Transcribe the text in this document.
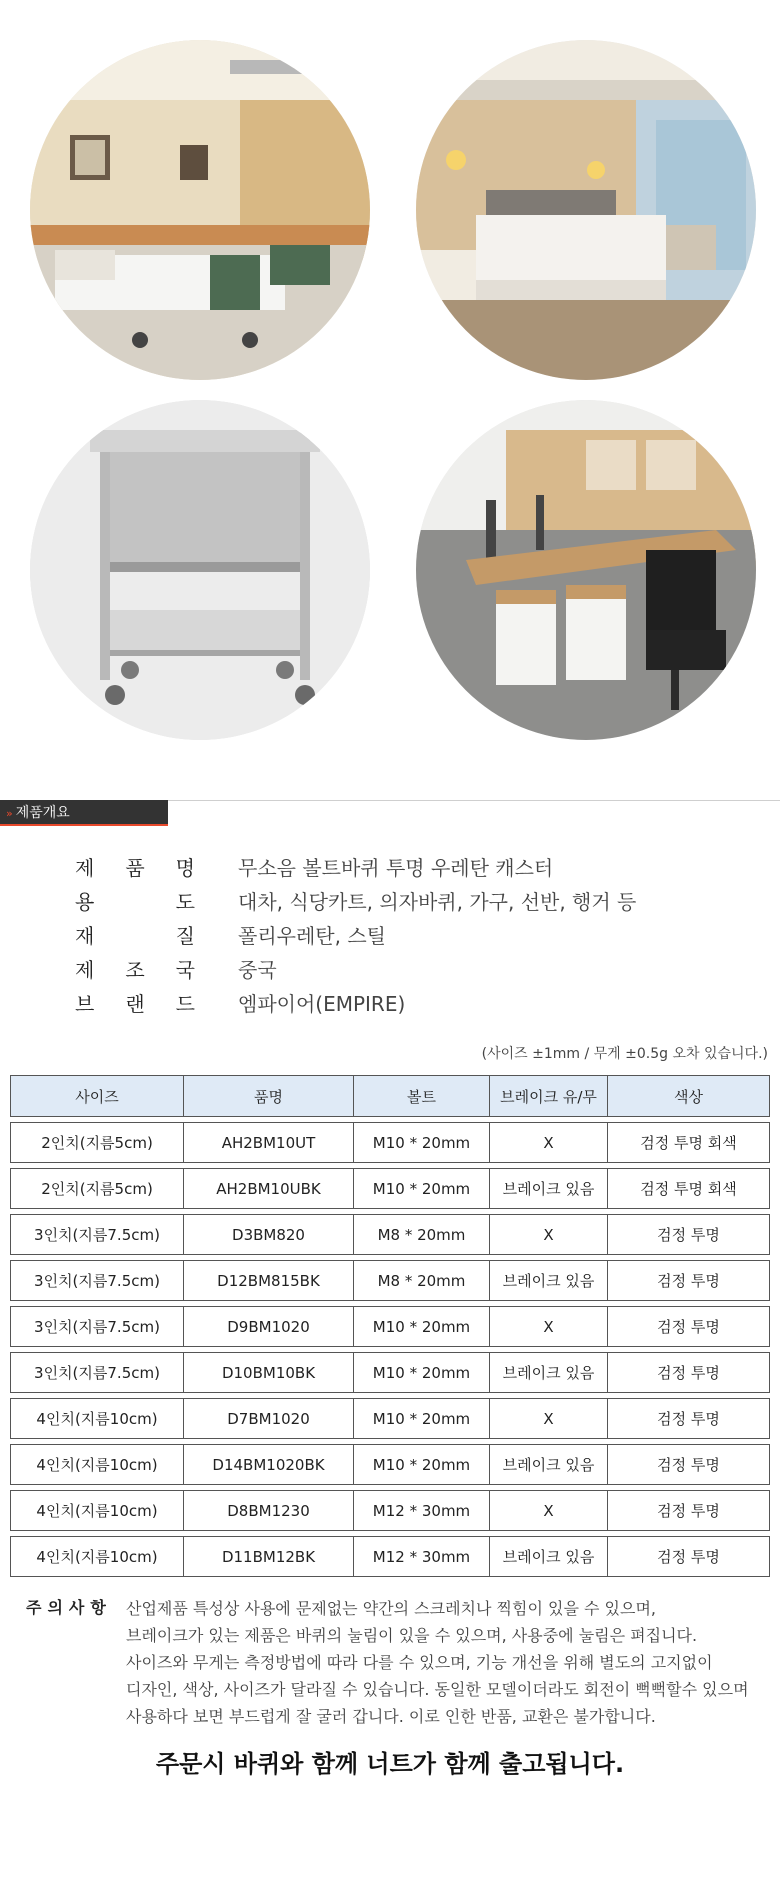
» 제품개요
제 품 명 무소음 볼트바퀴 투명 우레탄 캐스터
용	도 대차, 식당카트, 의자바퀴, 가구, 선반, 행거 등
재	질 폴리우레탄, 스틸
제 조 국 중국
브 랜 드 엠파이어(EMPIRE)
(사이즈 ±1mm / 무게 ±0.5g 오차 있습니다.)
사이즈	품명	볼트	브레이크 유/무	색상
2인치(지름5cm)	AH2BM10UT	M10 * 20mm	X	검정 투명 회색
2인치(지름5cm)	AH2BM10UBK	M10 * 20mm	브레이크 있음	검정 투명 회색
3인치(지름7.5cm)	D3BM820	M8 * 20mm	X	검정 투명
3인치(지름7.5cm)	D12BM815BK	M8 * 20mm	브레이크 있음	검정 투명
3인치(지름7.5cm)	D9BM1020	M10 * 20mm	X	검정 투명
3인치(지름7.5cm)	D10BM10BK	M10 * 20mm	브레이크 있음	검정 투명
4인치(지름10cm)	D7BM1020	M10 * 20mm	X	검정 투명
4인치(지름10cm)	D14BM1020BK	M10 * 20mm	브레이크 있음	검정 투명
4인치(지름10cm)	D8BM1230	M12 * 30mm	X	검정 투명
4인치(지름10cm)	D11BM12BK	M12 * 30mm	브레이크 있음	검정 투명
주의사항 산업제품 특성상 사용에 문제없는 약간의 스크레치나 찍힘이 있을 수 있으며,
브레이크가 있는 제품은 바퀴의 눌림이 있을 수 있으며, 사용중에 눌림은 펴집니다.
사이즈와 무게는 측정방법에 따라 다를 수 있으며, 기능 개선을 위해 별도의 고지없이
디자인, 색상, 사이즈가 달라질 수 있습니다. 동일한 모델이더라도 회전이 뻑뻑할수 있으며
사용하다 보면 부드럽게 잘 굴러 갑니다. 이로 인한 반품, 교환은 불가합니다.
주문시 바퀴와 함께 너트가 함께 출고됩니다.
